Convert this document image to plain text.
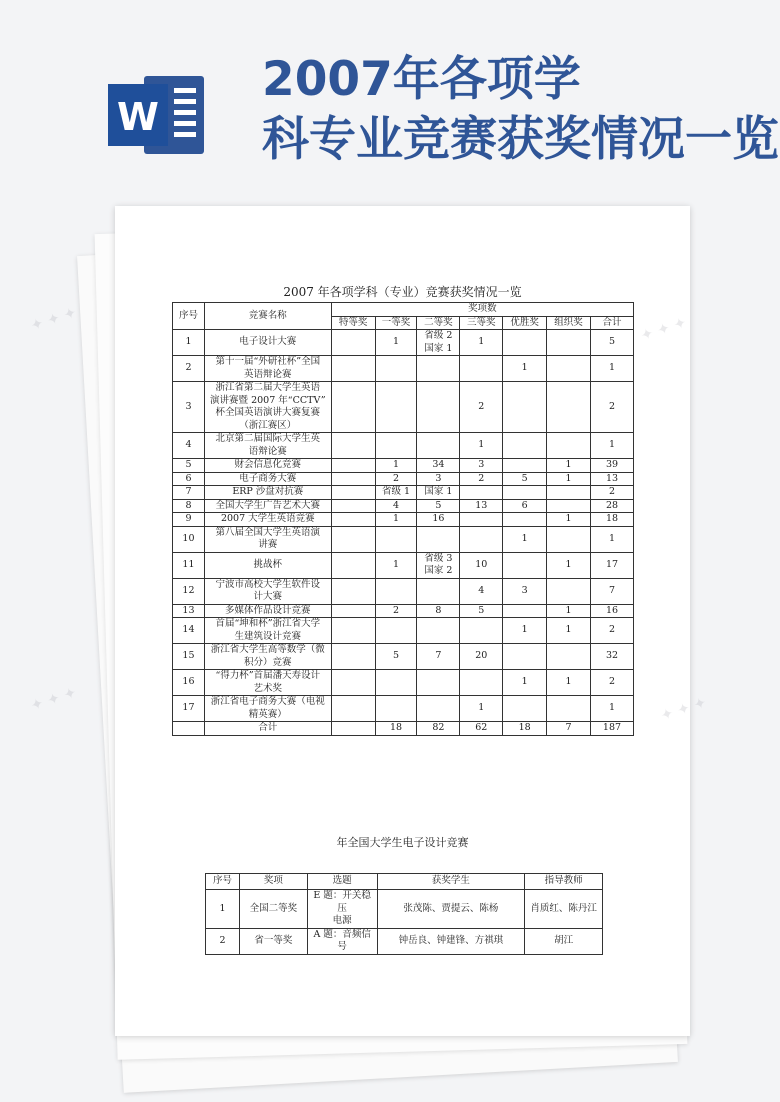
W
2007年各项学
科专业竞赛获奖情况一览
2007 年各项学科（专业）竞赛获奖情况一览
序号	竞赛名称	奖项数						
		特等奖	一等奖	二等奖	三等奖	优胜奖	组织奖	合计
1	电子设计大赛		1	省级 2
国家 1	1			5
2	第十一届“外研社杯”全国
英语辩论赛					1		1
3	浙江省第二届大学生英语
演讲赛暨 2007 年“CCTV”
杯全国英语演讲大赛复赛
（浙江赛区）				2			2
4	北京第二届国际大学生英
语辩论赛				1			1
5	财会信息化竞赛		1	34	3		1	39
6	电子商务大赛		2	3	2	5	1	13
7	ERP 沙盘对抗赛		省级 1	国家 1				2
8	全国大学生广告艺术大赛		4	5	13	6		28
9	2007 大学生英语竞赛		1	16			1	18
10	第八届全国大学生英语演
讲赛					1		1
11	挑战杯		1	省级 3
国家 2	10		1	17
12	宁波市高校大学生软件设
计大赛				4	3		7
13	多媒体作品设计竞赛		2	8	5		1	16
14	首届“坤和杯”浙江省大学
生建筑设计竞赛					1	1	2
15	浙江省大学生高等数学（微
积分）竞赛		5	7	20			32
16	“得力杯”首届潘天寿设计
艺术奖					1	1	2
17	浙江省电子商务大赛（电视
精英赛）				1			1
	合计		18	82	62	18	7	187
年全国大学生电子设计竞赛
序号	奖项	选题	获奖学生	指导教师
1	全国二等奖	E 题：开关稳压
电源	张茂陈、贾提云、陈杨	肖质红、陈丹江
2	省一等奖	A 题：音频信号	钟岳良、钟建锋、方祺琪	胡江
✦ ✦ ✦	✦ ✦ ✦
✦ ✦ ✦	✦ ✦ ✦
